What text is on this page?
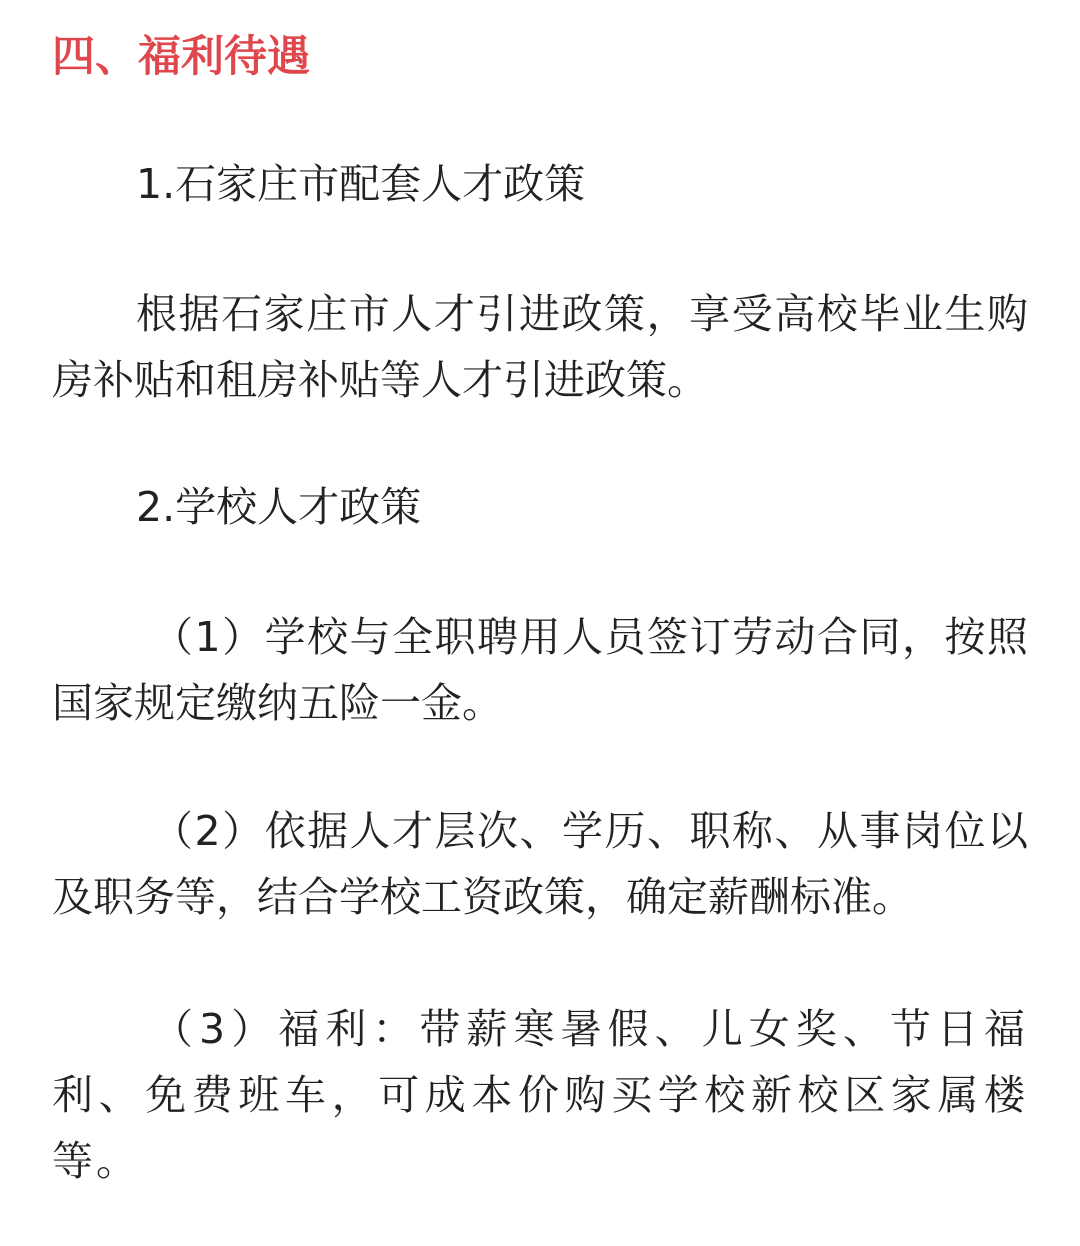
四、福利待遇

1.石家庄市配套人才政策

根据石家庄市人才引进政策，享受高校毕业生购房补贴和租房补贴等人才引进政策。

2.学校人才政策

（1）学校与全职聘用人员签订劳动合同，按照国家规定缴纳五险一金。

（2）依据人才层次、学历、职称、从事岗位以及职务等，结合学校工资政策，确定薪酬标准。

（3）福利：带薪寒暑假、儿女奖、节日福利、免费班车，可成本价购买学校新校区家属楼等。
